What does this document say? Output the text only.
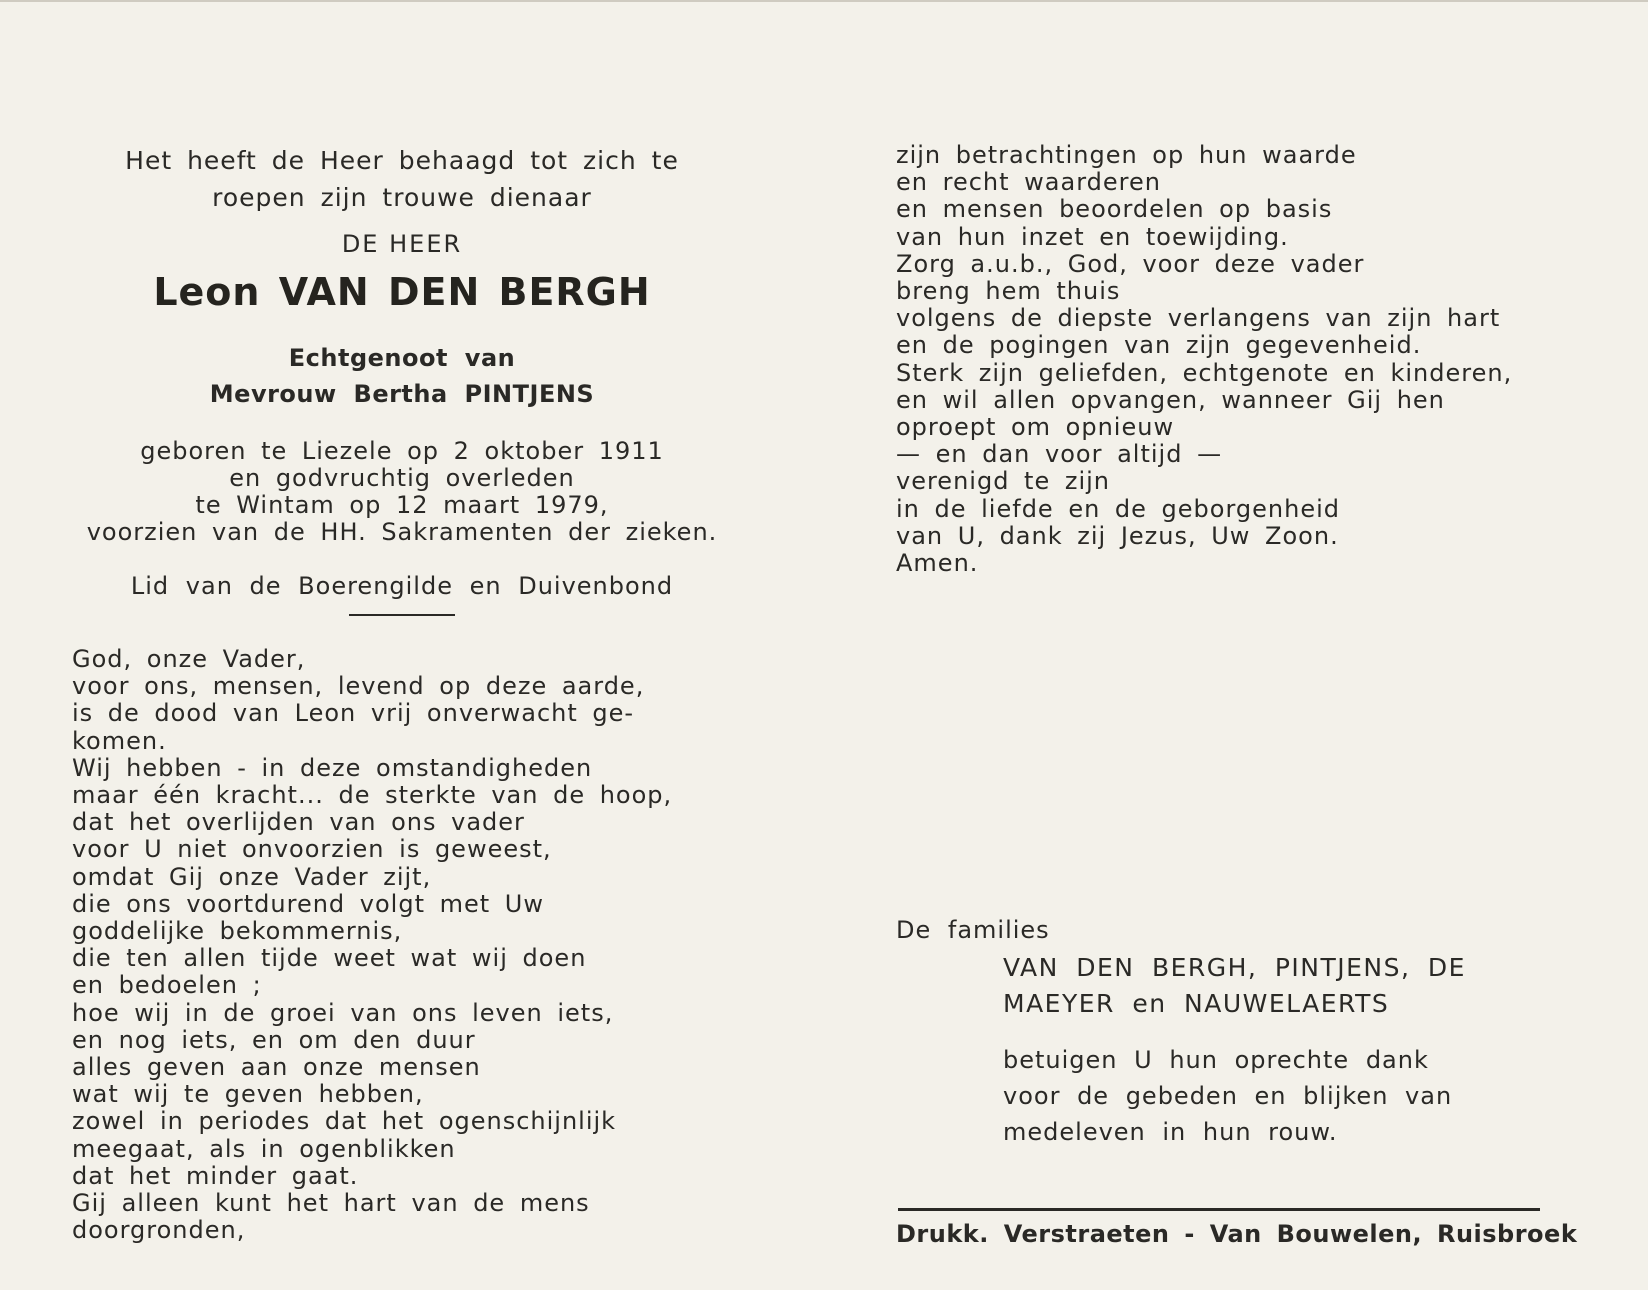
Het heeft de Heer behaagd tot zich te
roepen zijn trouwe dienaar
DE HEER
Leon VAN DEN BERGH
Echtgenoot van
Mevrouw Bertha PINTJENS
geboren te Liezele op 2 oktober 1911
en godvruchtig overleden
te Wintam op 12 maart 1979,
voorzien van de HH. Sakramenten der zieken.
Lid van de Boerengilde en Duivenbond
God, onze Vader,
voor ons, mensen, levend op deze aarde,
is de dood van Leon vrij onverwacht ge-
komen.
Wij hebben - in deze omstandigheden
maar één kracht... de sterkte van de hoop,
dat het overlijden van ons vader
voor U niet onvoorzien is geweest,
omdat Gij onze Vader zijt,
die ons voortdurend volgt met Uw
goddelijke bekommernis,
die ten allen tijde weet wat wij doen
en bedoelen ;
hoe wij in de groei van ons leven iets,
en nog iets, en om den duur
alles geven aan onze mensen
wat wij te geven hebben,
zowel in periodes dat het ogenschijnlijk
meegaat, als in ogenblikken
dat het minder gaat.
Gij alleen kunt het hart van de mens
doorgronden,
zijn betrachtingen op hun waarde
en recht waarderen
en mensen beoordelen op basis
van hun inzet en toewijding.
Zorg a.u.b., God, voor deze vader
breng hem thuis
volgens de diepste verlangens van zijn hart
en de pogingen van zijn gegevenheid.
Sterk zijn geliefden, echtgenote en kinderen,
en wil allen opvangen, wanneer Gij hen
oproept om opnieuw
— en dan voor altijd —
verenigd te zijn
in de liefde en de geborgenheid
van U, dank zij Jezus, Uw Zoon.
Amen.
De families
VAN DEN BERGH, PINTJENS, DE
MAEYER en NAUWELAERTS
betuigen U hun oprechte dank
voor de gebeden en blijken van
medeleven in hun rouw.
Drukk. Verstraeten - Van Bouwelen, Ruisbroek
